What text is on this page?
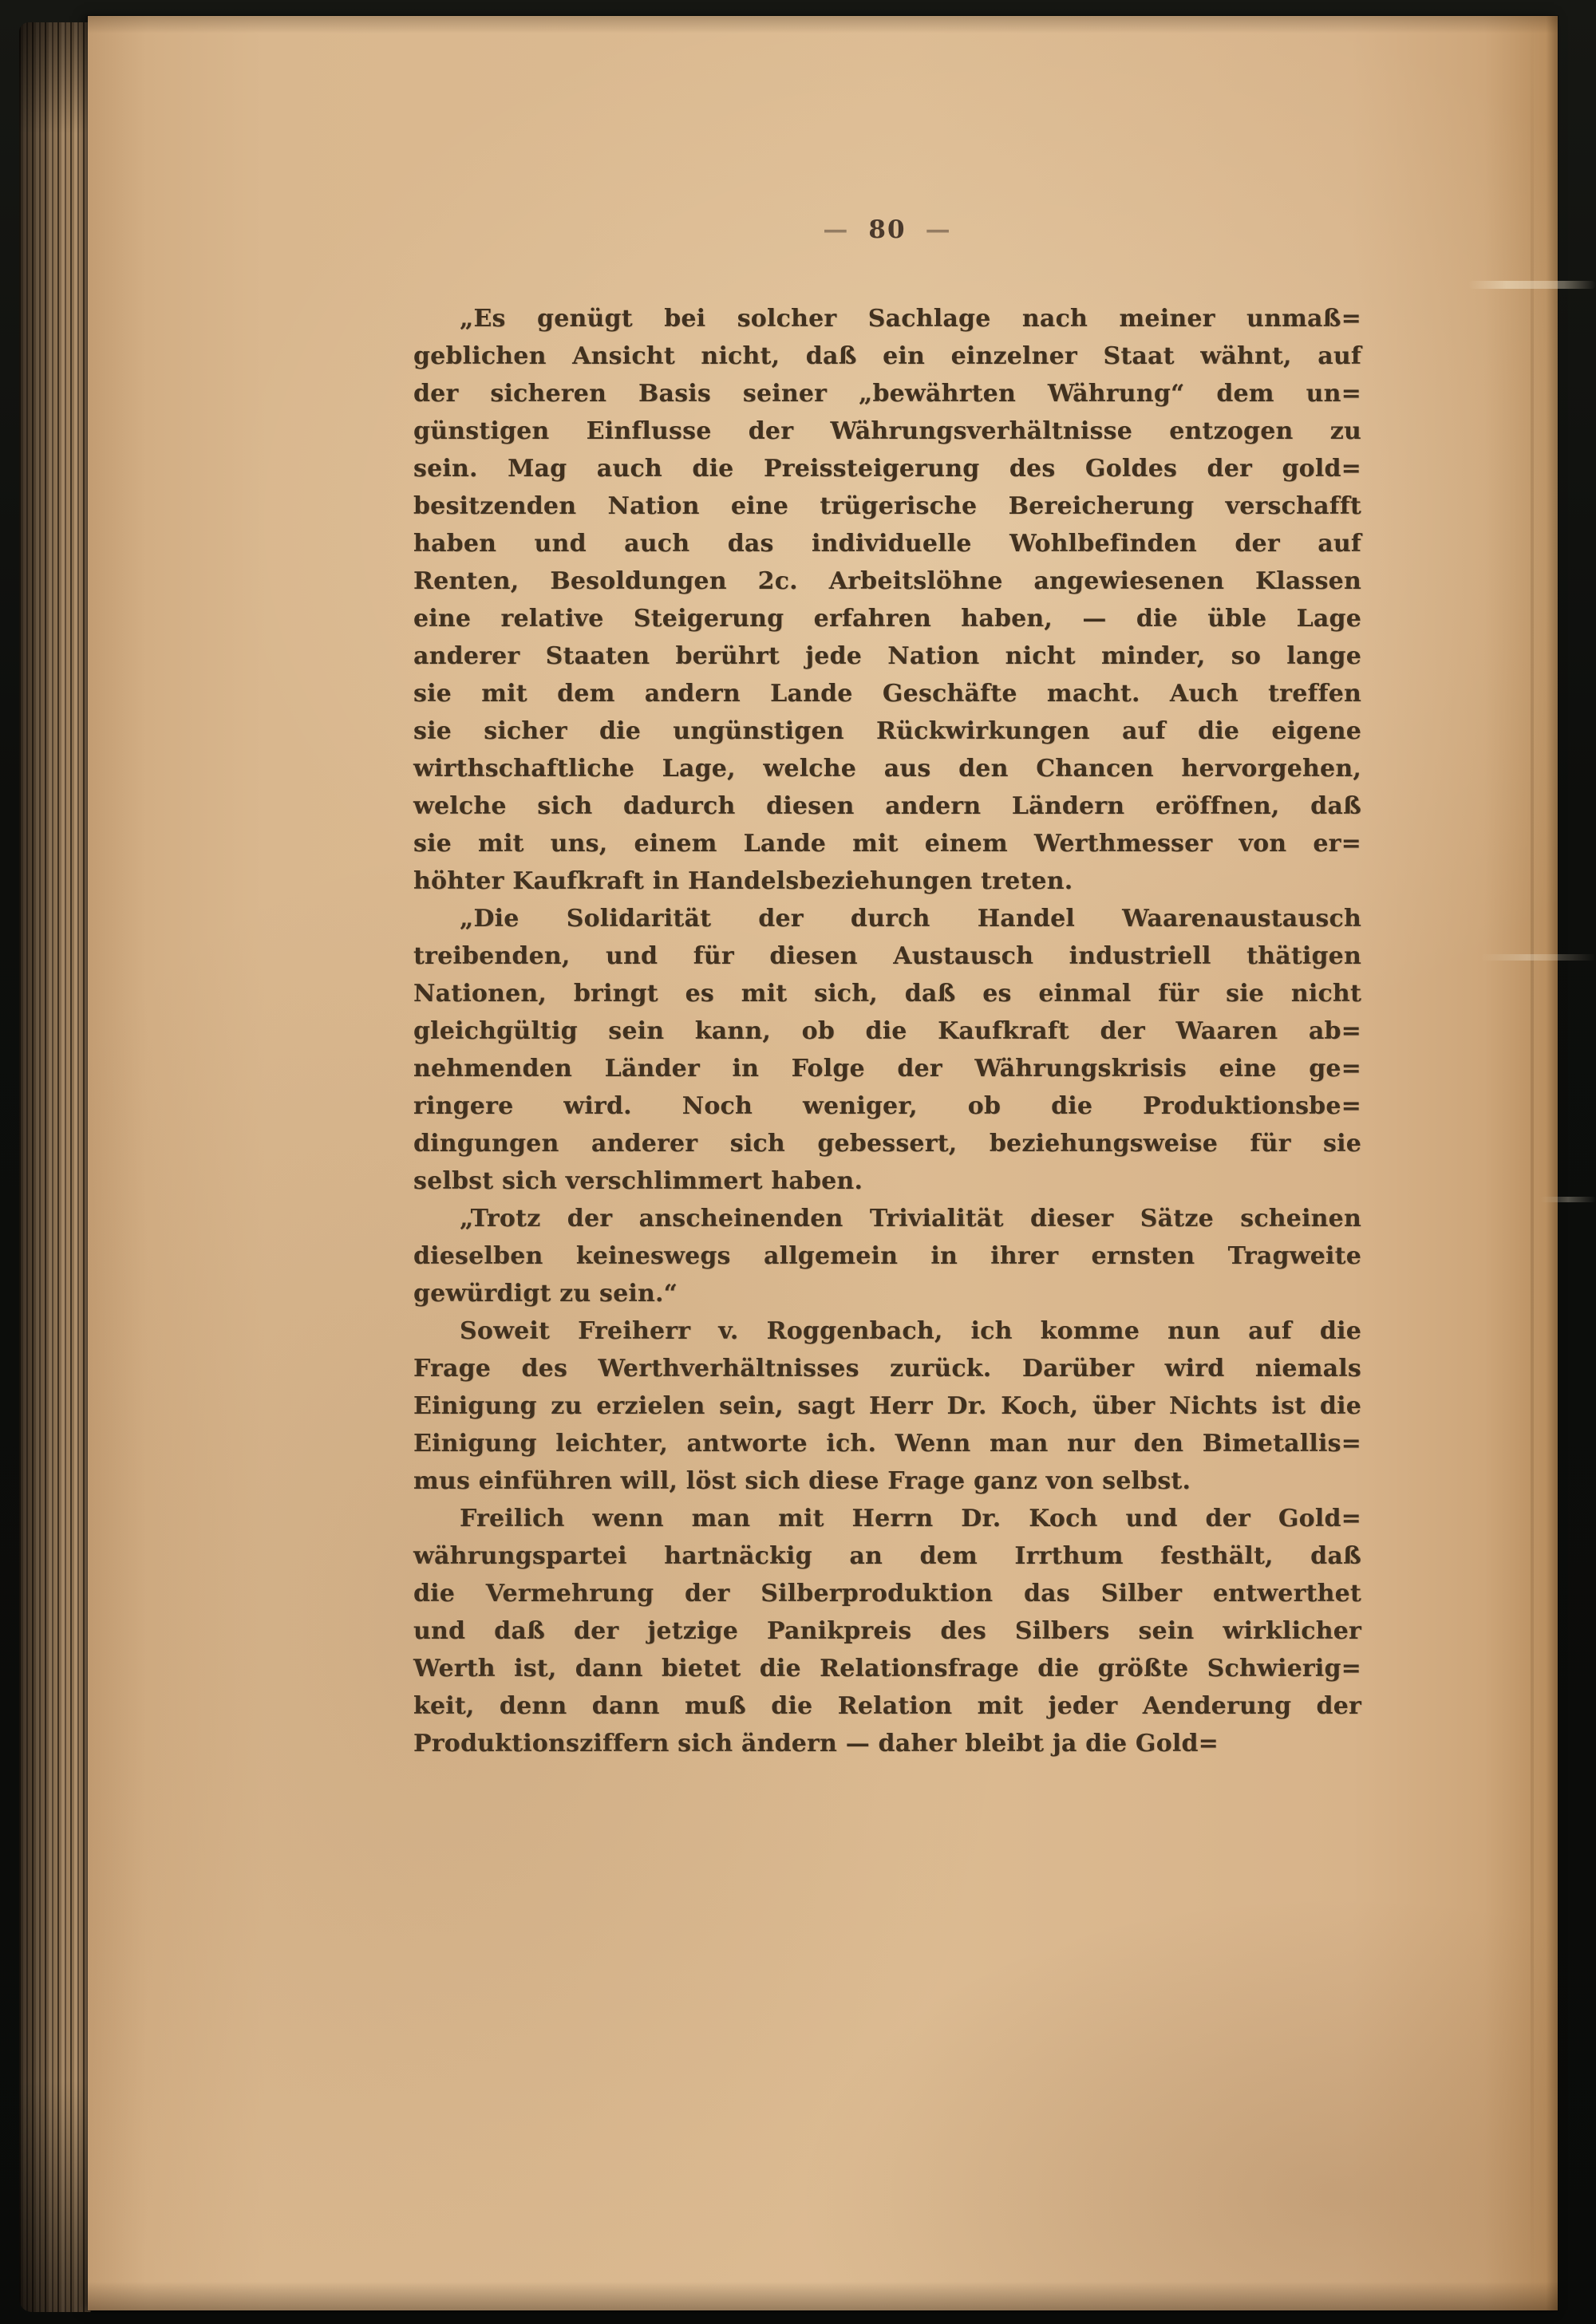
— 80 —
„Es genügt bei solcher Sachlage nach meiner unmaß=
geblichen Ansicht nicht, daß ein einzelner Staat wähnt, auf
der sicheren Basis seiner „bewährten Währung“ dem un=
günstigen Einflusse der Währungsverhältnisse entzogen zu
sein. Mag auch die Preissteigerung des Goldes der gold=
besitzenden Nation eine trügerische Bereicherung verschafft
haben und auch das individuelle Wohlbefinden der auf
Renten, Besoldungen 2c. Arbeitslöhne angewiesenen Klassen
eine relative Steigerung erfahren haben, — die üble Lage
anderer Staaten berührt jede Nation nicht minder, so lange
sie mit dem andern Lande Geschäfte macht. Auch treffen
sie sicher die ungünstigen Rückwirkungen auf die eigene
wirthschaftliche Lage, welche aus den Chancen hervorgehen,
welche sich dadurch diesen andern Ländern eröffnen, daß
sie mit uns, einem Lande mit einem Werthmesser von er=
höhter Kaufkraft in Handelsbeziehungen treten.
„Die Solidarität der durch Handel Waarenaustausch
treibenden, und für diesen Austausch industriell thätigen
Nationen, bringt es mit sich, daß es einmal für sie nicht
gleichgültig sein kann, ob die Kaufkraft der Waaren ab=
nehmenden Länder in Folge der Währungskrisis eine ge=
ringere wird. Noch weniger, ob die Produktionsbe=
dingungen anderer sich gebessert, beziehungsweise für sie
selbst sich verschlimmert haben.
„Trotz der anscheinenden Trivialität dieser Sätze scheinen
dieselben keineswegs allgemein in ihrer ernsten Tragweite
gewürdigt zu sein.“
Soweit Freiherr v. Roggenbach, ich komme nun auf die
Frage des Werthverhältnisses zurück. Darüber wird niemals
Einigung zu erzielen sein, sagt Herr Dr. Koch, über Nichts ist die
Einigung leichter, antworte ich. Wenn man nur den Bimetallis=
mus einführen will, löst sich diese Frage ganz von selbst.
Freilich wenn man mit Herrn Dr. Koch und der Gold=
währungspartei hartnäckig an dem Irrthum festhält, daß
die Vermehrung der Silberproduktion das Silber entwerthet
und daß der jetzige Panikpreis des Silbers sein wirklicher
Werth ist, dann bietet die Relationsfrage die größte Schwierig=
keit, denn dann muß die Relation mit jeder Aenderung der
Produktionsziffern sich ändern — daher bleibt ja die Gold=
